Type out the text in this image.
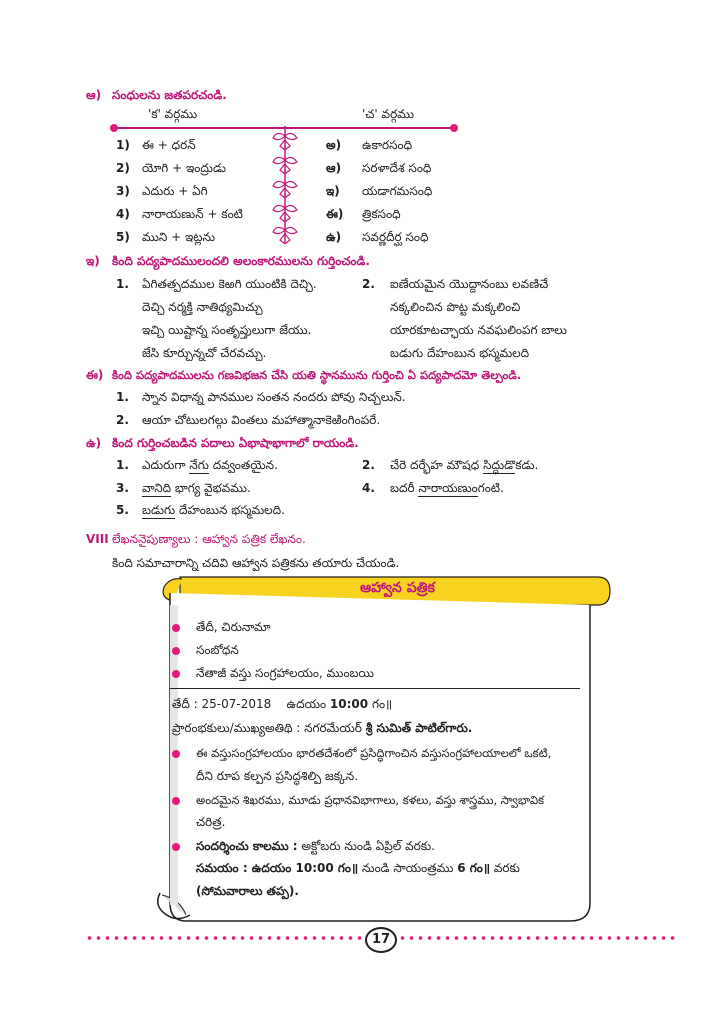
ఆ) సంధులను జతపరచండి.
'క' వర్గము	'చ' వర్గము
1) ఈ + ధరన్	అ) ఉకారసంధి
2) యోగి + ఇంద్రుడు	ఆ) సరళాదేశ సంధి
3) ఎదురు + ఏగి	ఇ) యడాగమసంధి
4) నారాయణున్ + కంటి	ఈ) త్రికసంధి
5) ముని + ఇట్లను	ఉ) సవర్ణదీర్ఘ సంధి
ఇ) కింది పద్యపాదములందలి అలంకారములను గుర్తించండి.
1. ఏగితత్పదముల కెఱగి యుంటికి దెచ్చి.
దెచ్చి నర్మక్తి నాతిథ్యమిచ్చు
ఇచ్చి యిష్టాన్న సంతృప్తులుగా జేయు.
జేసి కూర్చున్నచో చేరవచ్చు.
2. ఐణేయమైన యొద్దానంబు లవణిచే
నక్కలించిన పొట్ట మక్కలించి
యారకూటచ్ఛాయ నవఘలింపగ బాలు
బడుగు దేహంబున భస్మమలది
ఈ) కింది పద్యపాదములను గణవిభజన చేసి యతి స్థానమును గుర్తించి ఏ పద్యపాదమో తెల్పండి.
1. స్నాన విధాన్న పానముల సంతన నందరు పోవు నిచ్చలున్.
2. ఆయా చోటులగల్గు వింతలు మహాత్మానాకెఱింగింపరే.
ఉ) కింద గుర్తించబడిన పదాలు ఏభాషాభాగాలో రాయండి.
1. ఎదురుగా నేగు దవ్వంతయైన.	2. చేరె దర్భేహ మౌషధ సిద్ధుడొకడు.
3. వానిది భాగ్య వైభవము.	4. బదరీ నారాయణుంగంటి.
5. బడుగు దేహంబున భస్మమలది.
VIII లేఖననైపుణ్యాలు : ఆహ్వాన పత్రిక లేఖనం.
కింది సమాచారాన్ని చదివి ఆహ్వాన పత్రికను తయారు చేయండి.
ఆహ్వాన పత్రిక
తేదీ, చిరునామా
సంబోధన
నేతాజీ వస్తు సంగ్రహాలయం, ముంబయి
తేదీ : 25-07-2018 ఉదయం 10:00 గం॥
ప్రారంభకులు/ముఖ్యఅతిథి : నగరమేయర్ శ్రీ సుమిత్ పాటిల్‌గారు.
ఈ వస్తుసంగ్రహాలయం భారతదేశంలో ప్రసిద్ధిగాంచిన వస్తుసంగ్రహాలయాలలో ఒకటి,
దీని రూప కల్పన ప్రసిద్ధశిల్పి జక్కన.
అందమైన శిఖరము, మూడు ప్రధానవిభాగాలు, కళలు, వస్తు శాస్త్రము, స్వాభావిక
చరిత్ర.
సందర్శించు కాలము : అక్టోబరు నుండి ఏప్రిల్ వరకు.
సమయం : ఉదయం 10:00 గం॥ నుండి సాయంత్రము 6 గం॥ వరకు
(సోమవారాలు తప్ప).
17
